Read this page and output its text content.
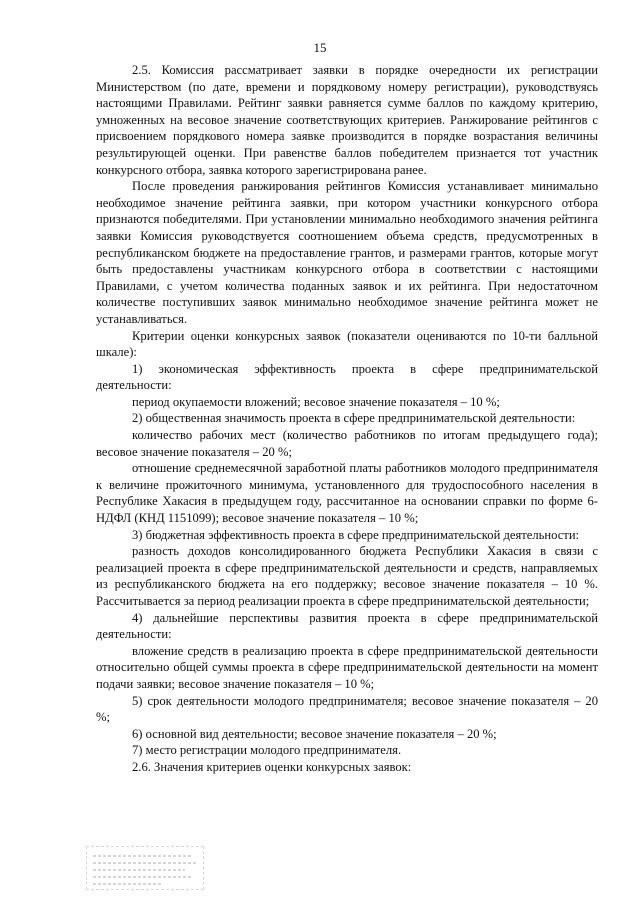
15

2.5. Комиссия рассматривает заявки в порядке очередности их регистрации Министерством (по дате, времени и порядковому номеру регистрации), руководствуясь настоящими Правилами. Рейтинг заявки равняется сумме баллов по каждому критерию, умноженных на весовое значение соответствующих критериев. Ранжирование рейтингов с присвоением порядкового номера заявке производится в порядке возрастания величины результирующей оценки. При равенстве баллов победителем признается тот участник конкурсного отбора, заявка которого зарегистрирована ранее.

После проведения ранжирования рейтингов Комиссия устанавливает минимально необходимое значение рейтинга заявки, при котором участники конкурсного отбора признаются победителями. При установлении минимально необходимого значения рейтинга заявки Комиссия руководствуется соотношением объема средств, предусмотренных в республиканском бюджете на предоставление грантов, и размерами грантов, которые могут быть предоставлены участникам конкурсного отбора в соответствии с настоящими Правилами, с учетом количества поданных заявок и их рейтинга. При недостаточном количестве поступивших заявок минимально необходимое значение рейтинга может не устанавливаться.

Критерии оценки конкурсных заявок (показатели оцениваются по 10-ти балльной шкале):

1) экономическая эффективность проекта в сфере предпринимательской деятельности:

период окупаемости вложений; весовое значение показателя – 10 %;

2) общественная значимость проекта в сфере предпринимательской деятельности:

количество рабочих мест (количество работников по итогам предыдущего года); весовое значение показателя – 20 %;

отношение среднемесячной заработной платы работников молодого предпринимателя к величине прожиточного минимума, установленного для трудоспособного населения в Республике Хакасия в предыдущем году, рассчитанное на основании справки по форме 6-НДФЛ (КНД 1151099); весовое значение показателя – 10 %;

3) бюджетная эффективность проекта в сфере предпринимательской деятельности:

разность доходов консолидированного бюджета Республики Хакасия в связи с реализацией проекта в сфере предпринимательской деятельности и средств, направляемых из республиканского бюджета на его поддержку; весовое значение показателя – 10 %. Рассчитывается за период реализации проекта в сфере предпринимательской деятельности;

4) дальнейшие перспективы развития проекта в сфере предпринимательской деятельности:

вложение средств в реализацию проекта в сфере предпринимательской деятельности относительно общей суммы проекта в сфере предпринимательской деятельности на момент подачи заявки; весовое значение показателя – 10 %;

5) срок деятельности молодого предпринимателя; весовое значение показателя – 20 %;

6) основной вид деятельности; весовое значение показателя – 20 %;

7) место регистрации молодого предпринимателя.

2.6. Значения критериев оценки конкурсных заявок:
